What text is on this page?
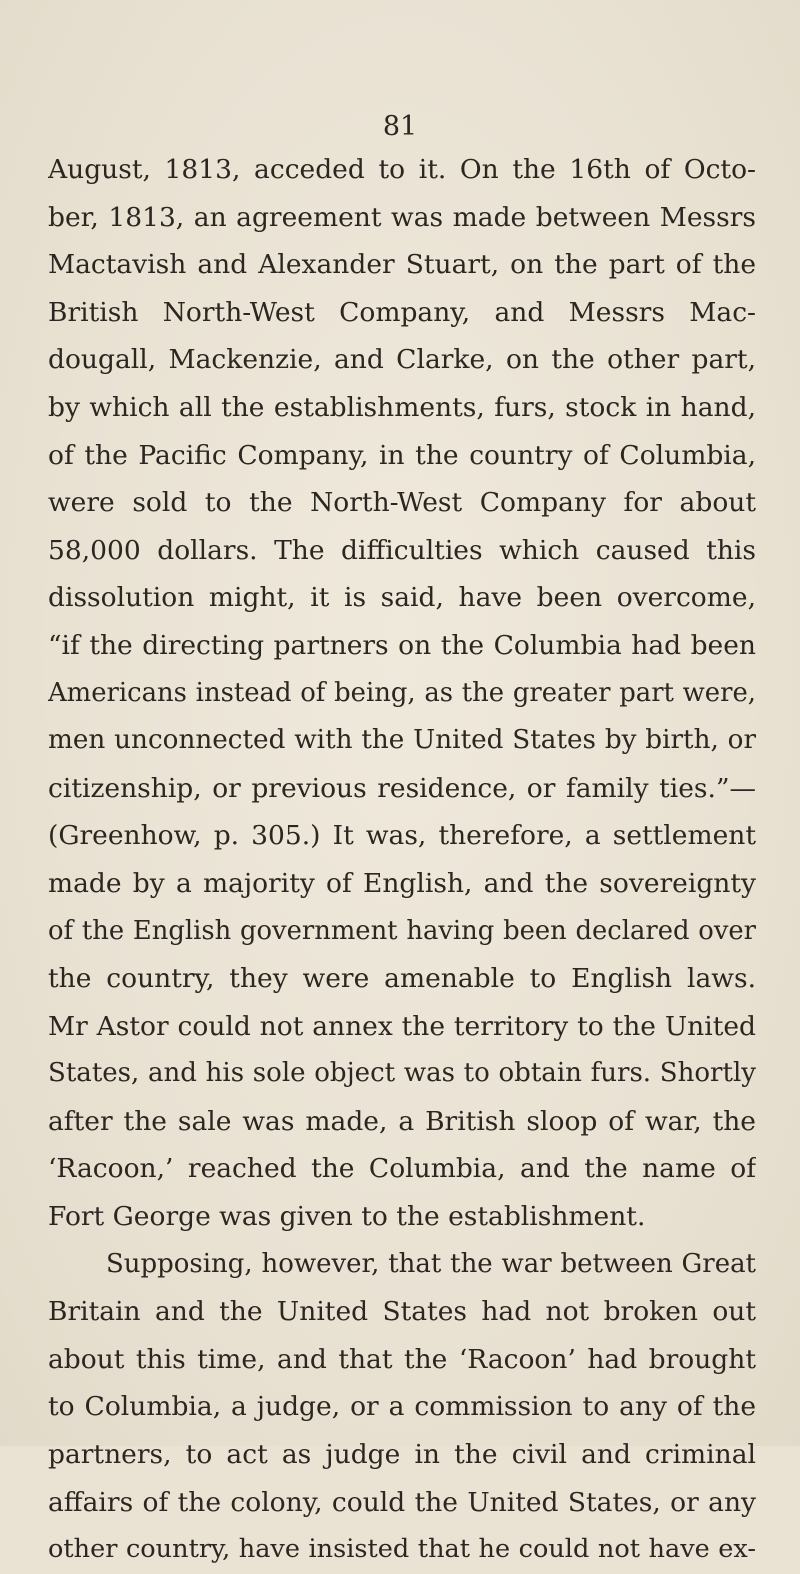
81
August, 1813, acceded to it. On the 16th of Octo-
ber, 1813, an agreement was made between Messrs
Mactavish and Alexander Stuart, on the part of the
British North-West Company, and Messrs Mac-
dougall, Mackenzie, and Clarke, on the other part,
by which all the establishments, furs, stock in hand,
of the Pacific Company, in the country of Columbia,
were sold to the North-West Company for about
58,000 dollars. The difficulties which caused this
dissolution might, it is said, have been overcome,
“if the directing partners on the Columbia had been
Americans instead of being, as the greater part were,
men unconnected with the United States by birth, or
citizenship, or previous residence, or family ties.”—
(Greenhow, p. 305.) It was, therefore, a settlement
made by a majority of English, and the sovereignty
of the English government having been declared over
the country, they were amenable to English laws.
Mr Astor could not annex the territory to the United
States, and his sole object was to obtain furs. Shortly
after the sale was made, a British sloop of war, the
‘Racoon,’ reached the Columbia, and the name of
Fort George was given to the establishment.
Supposing, however, that the war between Great
Britain and the United States had not broken out
about this time, and that the ‘Racoon’ had brought
to Columbia, a judge, or a commission to any of the
partners, to act as judge in the civil and criminal
affairs of the colony, could the United States, or any
other country, have insisted that he could not have ex-
